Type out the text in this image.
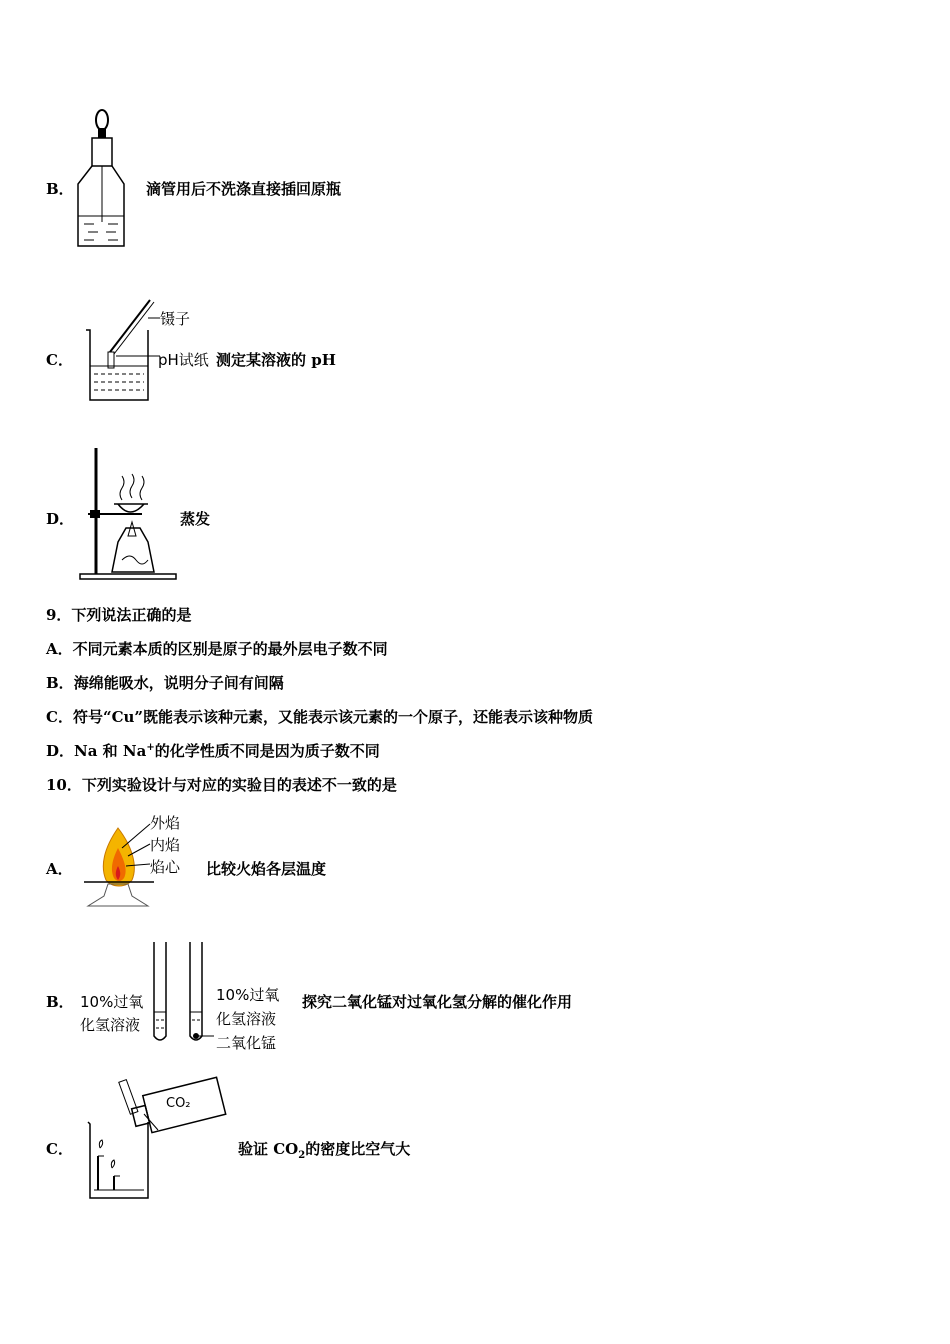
B．	滴管用后不洗涤直接插回原瓶
C．
镊子
pH试纸 测定某溶液的 pH
D．	蒸发
9．下列说法正确的是
A．不同元素本质的区别是原子的最外层电子数不同
B．海绵能吸水，说明分子间有间隔
C．符号“Cu”既能表示该种元素，又能表示该元素的一个原子，还能表示该种物质
D．Na 和 Na+的化学性质不同是因为质子数不同
10．下列实验设计与对应的实验目的表述不一致的是
A．
外焰
内焰
焰心 比较火焰各层温度
B． 10%过氧
化氢溶液
10%过氧
化氢溶液
二氧化锰
探究二氧化锰对过氧化氢分解的催化作用
C．
CO₂
验证 $CO_2$的密度比空气大
